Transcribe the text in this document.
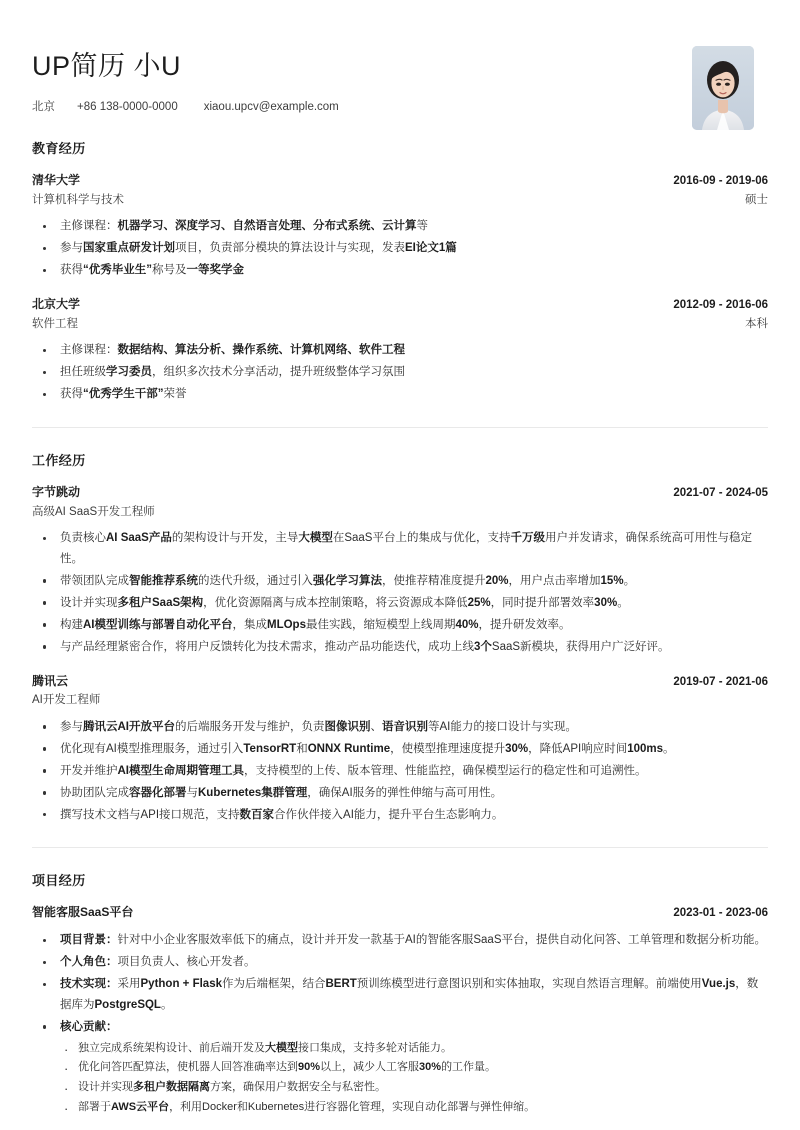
UP简历 小U
北京 +86 138-0000-0000 xiaou.upcv@example.com
教育经历
清华大学	2016-09 - 2019-06
计算机科学与技术	硕士
主修课程：机器学习、深度学习、自然语言处理、分布式系统、云计算等
参与国家重点研发计划项目，负责部分模块的算法设计与实现，发表EI论文1篇
获得“优秀毕业生”称号及一等奖学金
北京大学	2012-09 - 2016-06
软件工程	本科
主修课程：数据结构、算法分析、操作系统、计算机网络、软件工程
担任班级学习委员，组织多次技术分享活动，提升班级整体学习氛围
获得“优秀学生干部”荣誉
工作经历
字节跳动	2021-07 - 2024-05
高级AI SaaS开发工程师
负责核心AI SaaS产品的架构设计与开发，主导大模型在SaaS平台上的集成与优化，支持千万级用户并发请求，确保系统高可用性与稳定性。
带领团队完成智能推荐系统的迭代升级，通过引入强化学习算法，使推荐精准度提升20%，用户点击率增加15%。
设计并实现多租户SaaS架构，优化资源隔离与成本控制策略，将云资源成本降低25%，同时提升部署效率30%。
构建AI模型训练与部署自动化平台，集成MLOps最佳实践，缩短模型上线周期40%，提升研发效率。
与产品经理紧密合作，将用户反馈转化为技术需求，推动产品功能迭代，成功上线3个SaaS新模块，获得用户广泛好评。
腾讯云	2019-07 - 2021-06
AI开发工程师
参与腾讯云AI开放平台的后端服务开发与维护，负责图像识别、语音识别等AI能力的接口设计与实现。
优化现有AI模型推理服务，通过引入TensorRT和ONNX Runtime，使模型推理速度提升30%，降低API响应时间100ms。
开发并维护AI模型生命周期管理工具，支持模型的上传、版本管理、性能监控，确保模型运行的稳定性和可追溯性。
协助团队完成容器化部署与Kubernetes集群管理，确保AI服务的弹性伸缩与高可用性。
撰写技术文档与API接口规范，支持数百家合作伙伴接入AI能力，提升平台生态影响力。
项目经历
智能客服SaaS平台	2023-01 - 2023-06
项目背景：针对中小企业客服效率低下的痛点，设计并开发一款基于AI的智能客服SaaS平台，提供自动化问答、工单管理和数据分析功能。
个人角色：项目负责人、核心开发者。
技术实现：采用Python + Flask作为后端框架，结合BERT预训练模型进行意图识别和实体抽取，实现自然语言理解。前端使用Vue.js，数据库为PostgreSQL。
核心贡献：
· 独立完成系统架构设计、前后端开发及大模型接口集成，支持多轮对话能力。
· 优化问答匹配算法，使机器人回答准确率达到90%以上，减少人工客服30%的工作量。
· 设计并实现多租户数据隔离方案，确保用户数据安全与私密性。
· 部署于AWS云平台，利用Docker和Kubernetes进行容器化管理，实现自动化部署与弹性伸缩。
